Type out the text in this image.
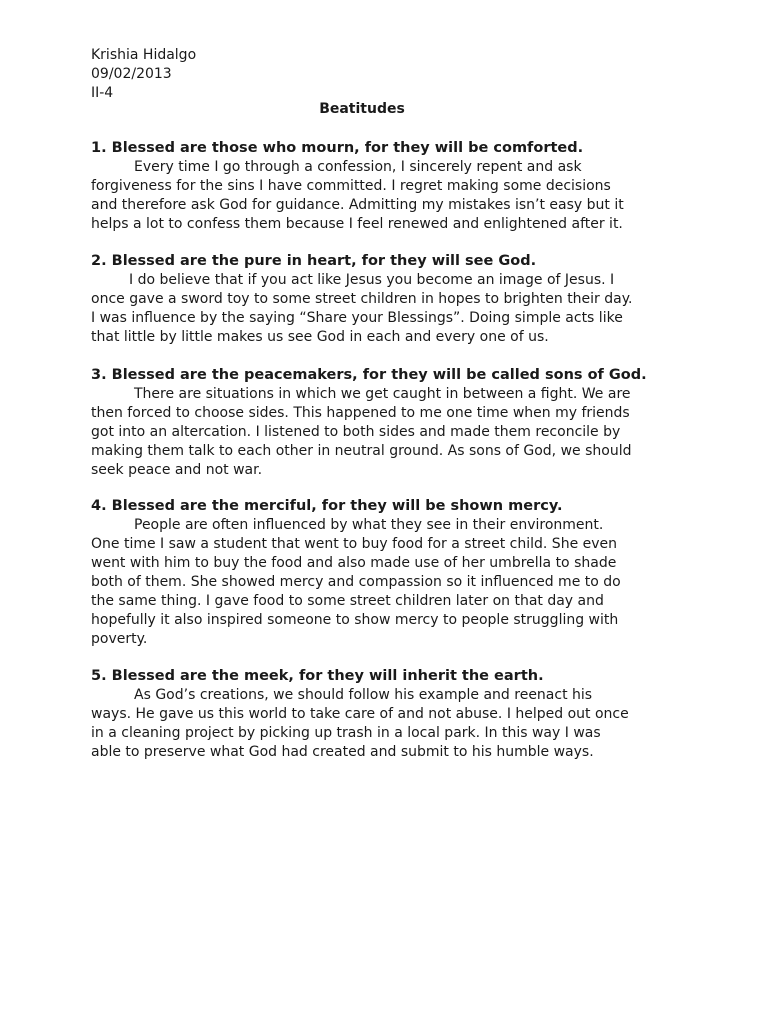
Krishia Hidalgo
09/02/2013
II-4
Beatitudes
1. Blessed are those who mourn, for they will be comforted.
Every time I go through a confession, I sincerely repent and ask
forgiveness for the sins I have committed. I regret making some decisions
and therefore ask God for guidance. Admitting my mistakes isn’t easy but it
helps a lot to confess them because I feel renewed and enlightened after it.
2. Blessed are the pure in heart, for they will see God.
I do believe that if you act like Jesus you become an image of Jesus. I
once gave a sword toy to some street children in hopes to brighten their day.
I was influence by the saying “Share your Blessings”. Doing simple acts like
that little by little makes us see God in each and every one of us.
3. Blessed are the peacemakers, for they will be called sons of God.
There are situations in which we get caught in between a fight. We are
then forced to choose sides. This happened to me one time when my friends
got into an altercation. I listened to both sides and made them reconcile by
making them talk to each other in neutral ground. As sons of God, we should
seek peace and not war.
4. Blessed are the merciful, for they will be shown mercy.
People are often influenced by what they see in their environment.
One time I saw a student that went to buy food for a street child. She even
went with him to buy the food and also made use of her umbrella to shade
both of them. She showed mercy and compassion so it influenced me to do
the same thing. I gave food to some street children later on that day and
hopefully it also inspired someone to show mercy to people struggling with
poverty.
5. Blessed are the meek, for they will inherit the earth.
As God’s creations, we should follow his example and reenact his
ways. He gave us this world to take care of and not abuse. I helped out once
in a cleaning project by picking up trash in a local park. In this way I was
able to preserve what God had created and submit to his humble ways.
